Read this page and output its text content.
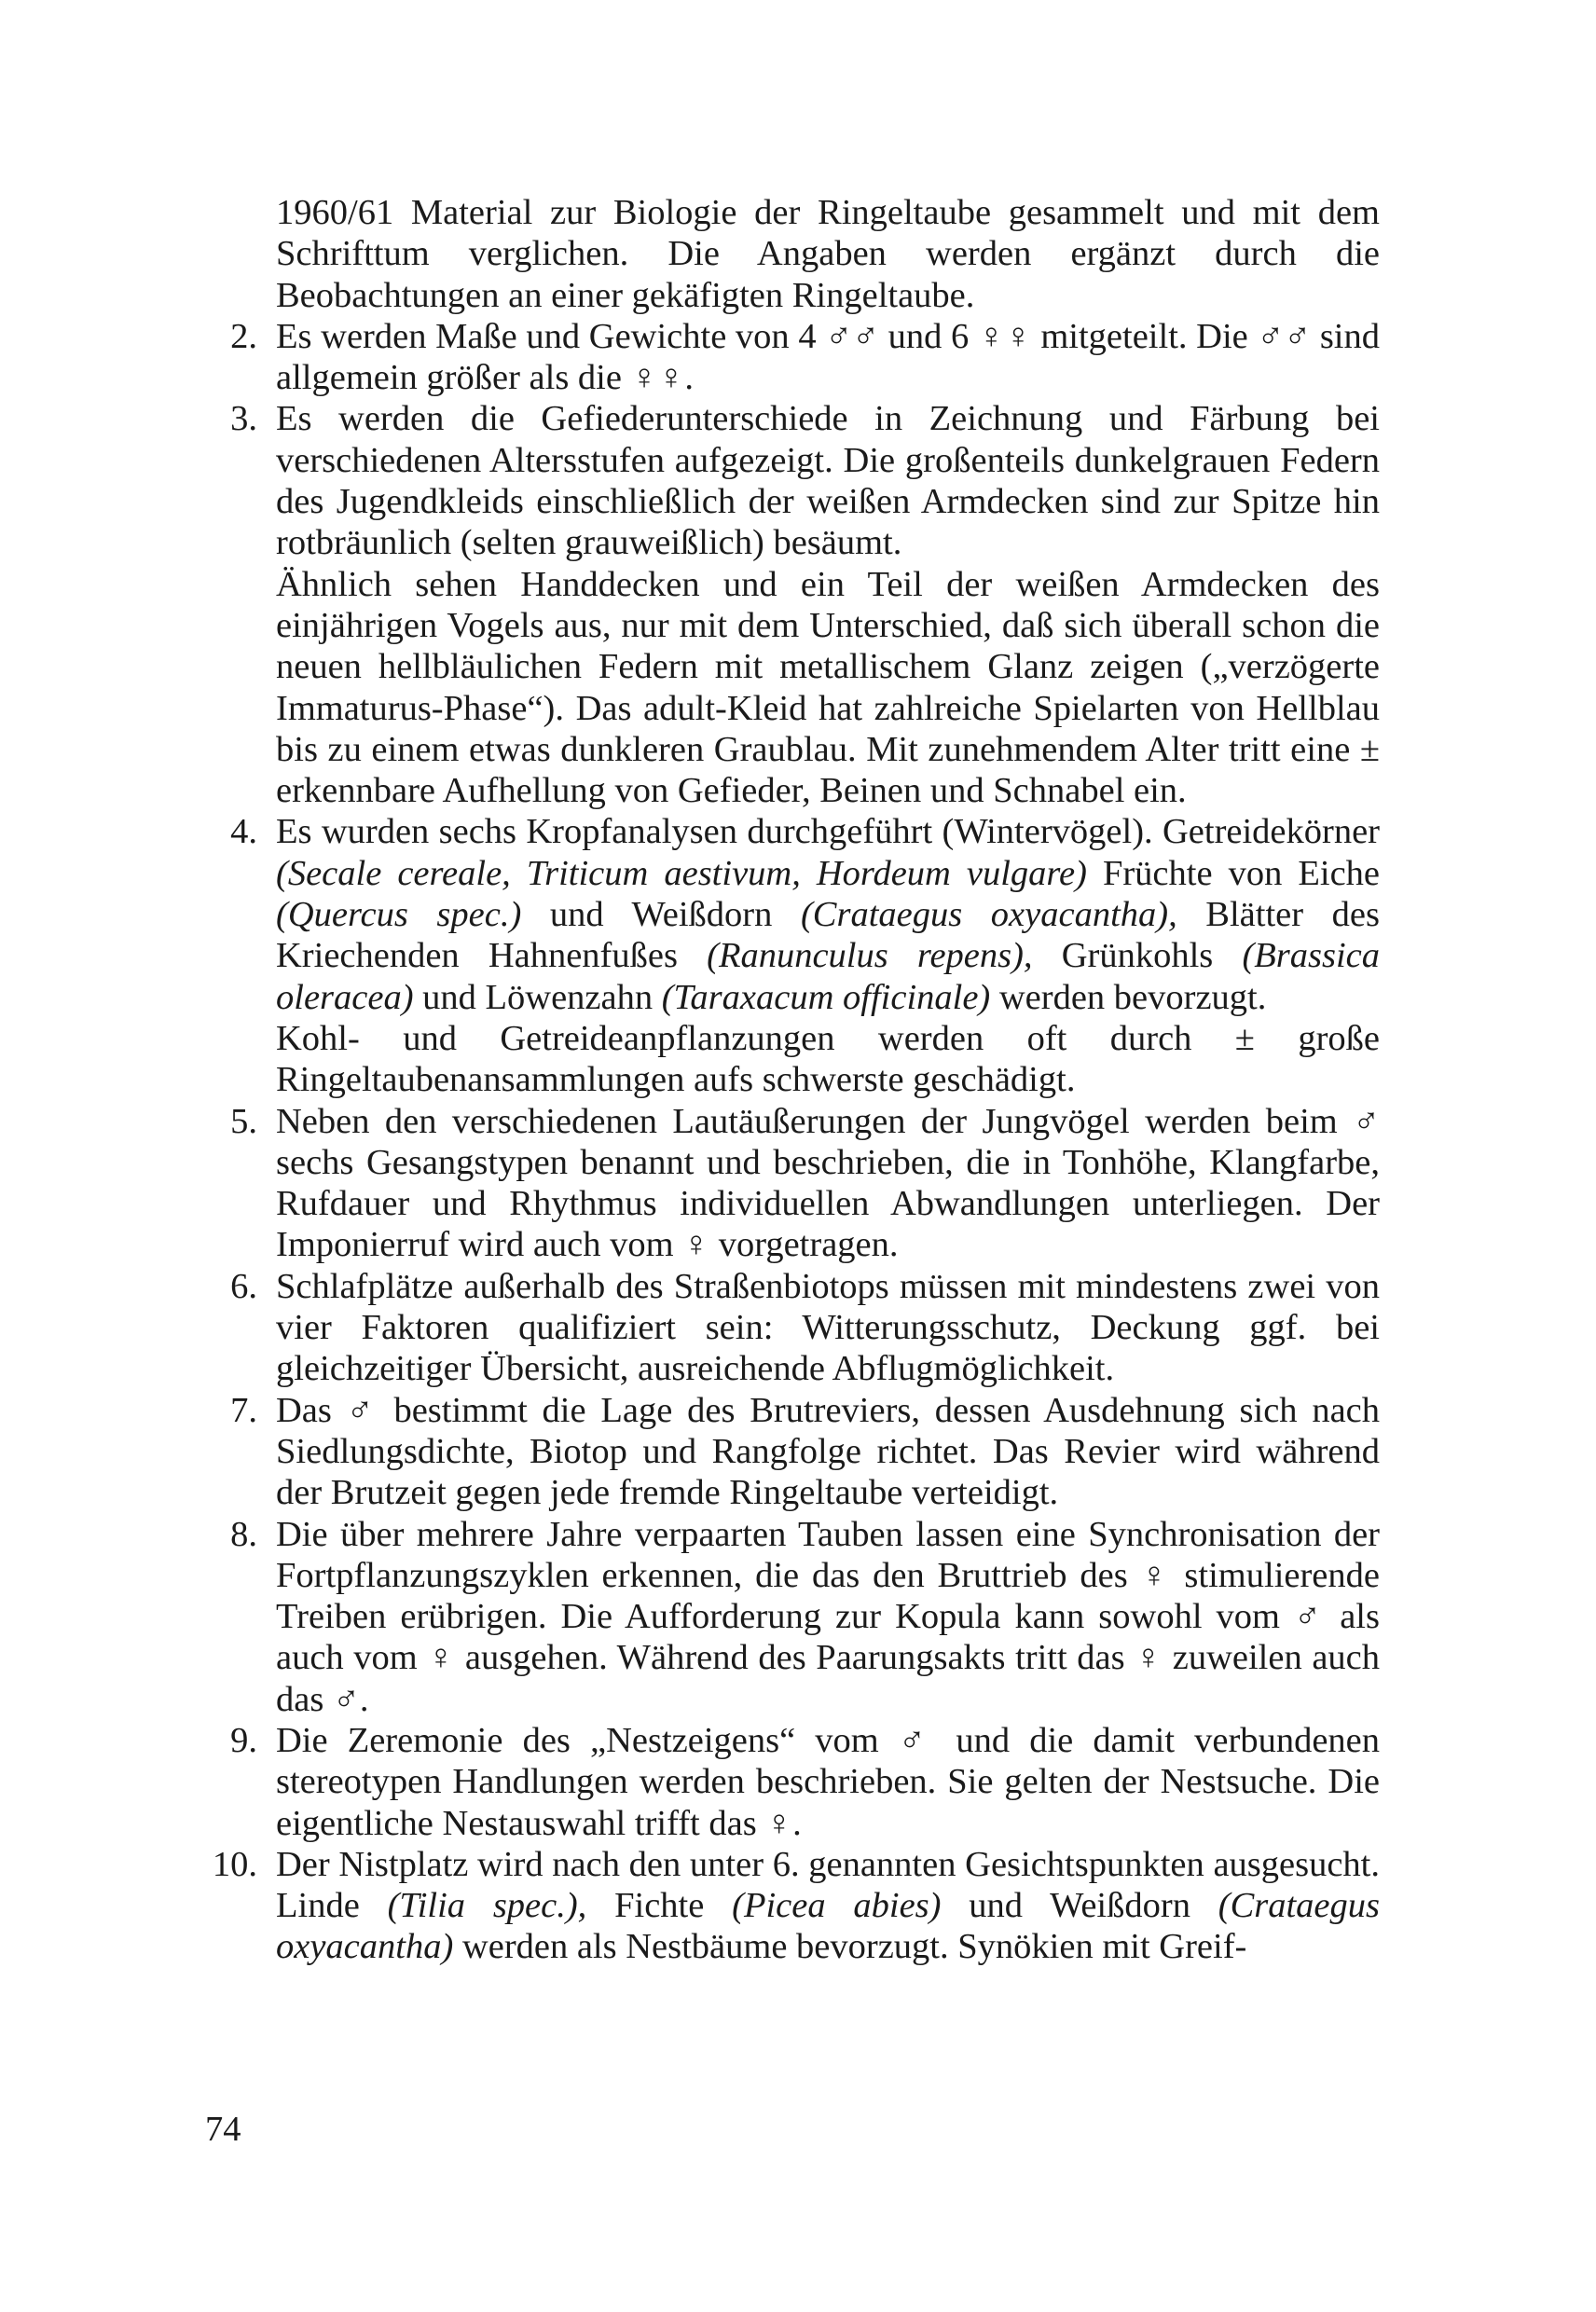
1960/61 Material zur Biologie der Ringeltaube gesammelt und mit dem Schrifttum verglichen. Die Angaben werden ergänzt durch die Beobachtungen an einer gekäfigten Ringeltaube.

2. Es werden Maße und Gewichte von 4 ♂♂ und 6 ♀♀ mitgeteilt. Die ♂♂ sind allgemein größer als die ♀♀.

3. Es werden die Gefiederunterschiede in Zeichnung und Färbung bei verschiedenen Altersstufen aufgezeigt. Die großenteils dunkelgrauen Federn des Jugendkleids einschließlich der weißen Armdecken sind zur Spitze hin rotbräunlich (selten grauweißlich) besäumt.

Ähnlich sehen Handdecken und ein Teil der weißen Armdecken des einjährigen Vogels aus, nur mit dem Unterschied, daß sich überall schon die neuen hellbläulichen Federn mit metallischem Glanz zeigen („verzögerte Immaturus-Phase“). Das adult-Kleid hat zahlreiche Spielarten von Hellblau bis zu einem etwas dunkleren Graublau. Mit zunehmendem Alter tritt eine ± erkennbare Aufhellung von Gefieder, Beinen und Schnabel ein.

4. Es wurden sechs Kropfanalysen durchgeführt (Wintervögel). Getreidekörner (Secale cereale, Triticum aestivum, Hordeum vulgare) Früchte von Eiche (Quercus spec.) und Weißdorn (Crataegus oxyacantha), Blätter des Kriechenden Hahnenfußes (Ranunculus repens), Grünkohls (Brassica oleracea) und Löwenzahn (Taraxacum officinale) werden bevorzugt.

Kohl- und Getreideanpflanzungen werden oft durch ± große Ringeltaubenansammlungen aufs schwerste geschädigt.

5. Neben den verschiedenen Lautäußerungen der Jungvögel werden beim ♂ sechs Gesangstypen benannt und beschrieben, die in Tonhöhe, Klangfarbe, Rufdauer und Rhythmus individuellen Abwandlungen unterliegen. Der Imponierruf wird auch vom ♀ vorgetragen.

6. Schlafplätze außerhalb des Straßenbiotops müssen mit mindestens zwei von vier Faktoren qualifiziert sein: Witterungsschutz, Deckung ggf. bei gleichzeitiger Übersicht, ausreichende Abflugmöglichkeit.

7. Das ♂ bestimmt die Lage des Brutreviers, dessen Ausdehnung sich nach Siedlungsdichte, Biotop und Rangfolge richtet. Das Revier wird während der Brutzeit gegen jede fremde Ringeltaube verteidigt.

8. Die über mehrere Jahre verpaarten Tauben lassen eine Synchronisation der Fortpflanzungszyklen erkennen, die das den Bruttrieb des ♀ stimulierende Treiben erübrigen. Die Aufforderung zur Kopula kann sowohl vom ♂ als auch vom ♀ ausgehen. Während des Paarungsakts tritt das ♀ zuweilen auch das ♂.

9. Die Zeremonie des „Nestzeigens“ vom ♂ und die damit verbundenen stereotypen Handlungen werden beschrieben. Sie gelten der Nestsuche. Die eigentliche Nestauswahl trifft das ♀.

10. Der Nistplatz wird nach den unter 6. genannten Gesichtspunkten ausgesucht. Linde (Tilia spec.), Fichte (Picea abies) und Weißdorn (Crataegus oxyacantha) werden als Nestbäume bevorzugt. Synökien mit Greif-

74
